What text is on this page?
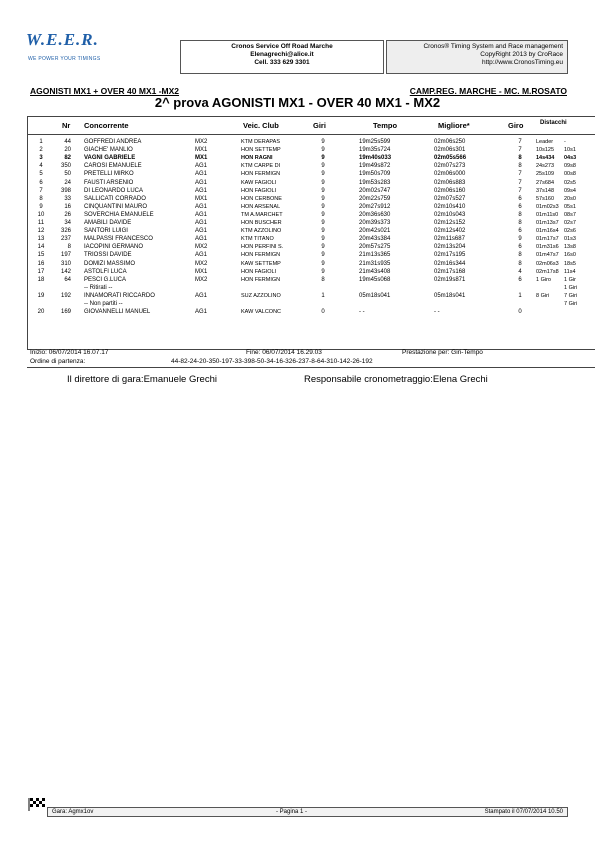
W.E.E.R.
WE POWER YOUR TIMINGS
Cronos Service Off Road Marche
Elenagrechi@alice.it
Cell. 333 629 3301
Cronos® Timing System and Race management
CopyRight 2013 by CroRace
http://www.CronosTiming.eu
AGONISTI MX1 + OVER 40 MX1 -MX2	CAMP.REG. MARCHE - MC. M.ROSATO
2^ prova AGONISTI MX1 - OVER 40 MX1 - MX2
Nr Concorrente	Veic. Club	Giri	Tempo	Migliore*	Giro	Distacchi
1	44 GOFFREDI ANDREA	MX2	KTM DERAPAS	9	19m25s599	02m06s250	7	Leader -
2	20 GIACHE' MANLIO	MX1	HON SETTEMP	9	19m35s724	02m06s301	7	10s125 10s1
3	82 VAGNI GABRIELE	MX1	HON RAGNI	9	19m40s033	02m05s566	8	14s434 04s3
4	350 CAROSI EMANUELE	AG1	KTM CARPE DI	9	19m49s872	02m07s273	8	24s273 09s8
5	50 PRETELLI MIRKO	AG1	HON FERMIGN	9	19m50s709	02m06s000	7	25s109 00s8
6	24 FAUSTI ARSENIO	AG1	KAW FAGIOLI	9	19m53s283	02m06s883	7	27s684 02s5
7	398 DI LEONARDO LUCA	AG1	HON FAGIOLI	9	20m02s747	02m06s160	7	37s148 09s4
8	33 SALLICATI CORRADO	MX1	HON CERBONE	9	20m22s759	02m07s527	6	57s160 20s0
9	16 CINQUANTINI MAURO	AG1	HON ARSENAL	9	20m27s912	02m10s410	6	01m02s3 05s1
10	26 SOVERCHIA EMANUELE	AG1	TM A.MARCHET	9	20m36s630	02m10s043	8	01m11s0 08s7
11	34 AMABILI DAVIDE	AG1	HON BUSCHER	9	20m39s373	02m12s152	8	01m13s7 02s7
12	326 SANTORI LUIGI	AG1	KTM AZZOLINO	9	20m42s021	02m12s402	6	01m16s4 02s6
13	237 MALPASSI FRANCESCO	AG1	KTM TITANO	9	20m43s384	02m11s687	9	01m17s7 01s3
14	8 IACOPINI GERMANO	MX2	HON PERFINI S.	9	20m57s275	02m13s204	6	01m31s6 13s8
15	197 TRIOSSI DAVIDE	AG1	HON FERMIGN	9	21m13s365	02m17s195	8	01m47s7 16s0
16	310 DOMIZI MASSIMO	MX2	KAW SETTEMP	9	21m31s935	02m16s344	8	02m06s3 18s5
17	142 ASTOLFI LUCA	MX1	HON FAGIOLI	9	21m43s408	02m17s168	4	02m17s8 11s4
18	64 PESCI G.LUCA	MX2	HON FERMIGN	8	19m45s068	02m19s871	6	1 Giro 1 Gir
-- Ritirati --	1 Giri
19	192 INNAMORATI RICCARDO	AG1	SUZ AZZOLINO	1	05m18s041	05m18s041	1	8 Giri	7 Giri
-- Non partiti --	7 Giri
20	169 GIOVANNELLI MANUEL	AG1	KAW VALCONC	0	- -	- -	0
Inizio: 06/07/2014 16.07.17	Fine: 06/07/2014 16.29.03	Prestazione per: Giri-Tempo
Ordine di partenza:	44-82-24-20-350-197-33-398-50-34-16-326-237-8-64-310-142-26-192
Il direttore di gara:Emanuele Grechi	Responsabile cronometraggio:Elena Grechi
Gara: Agmx1ov	- Pagina 1 -	Stampato il 07/07/2014 10.50
